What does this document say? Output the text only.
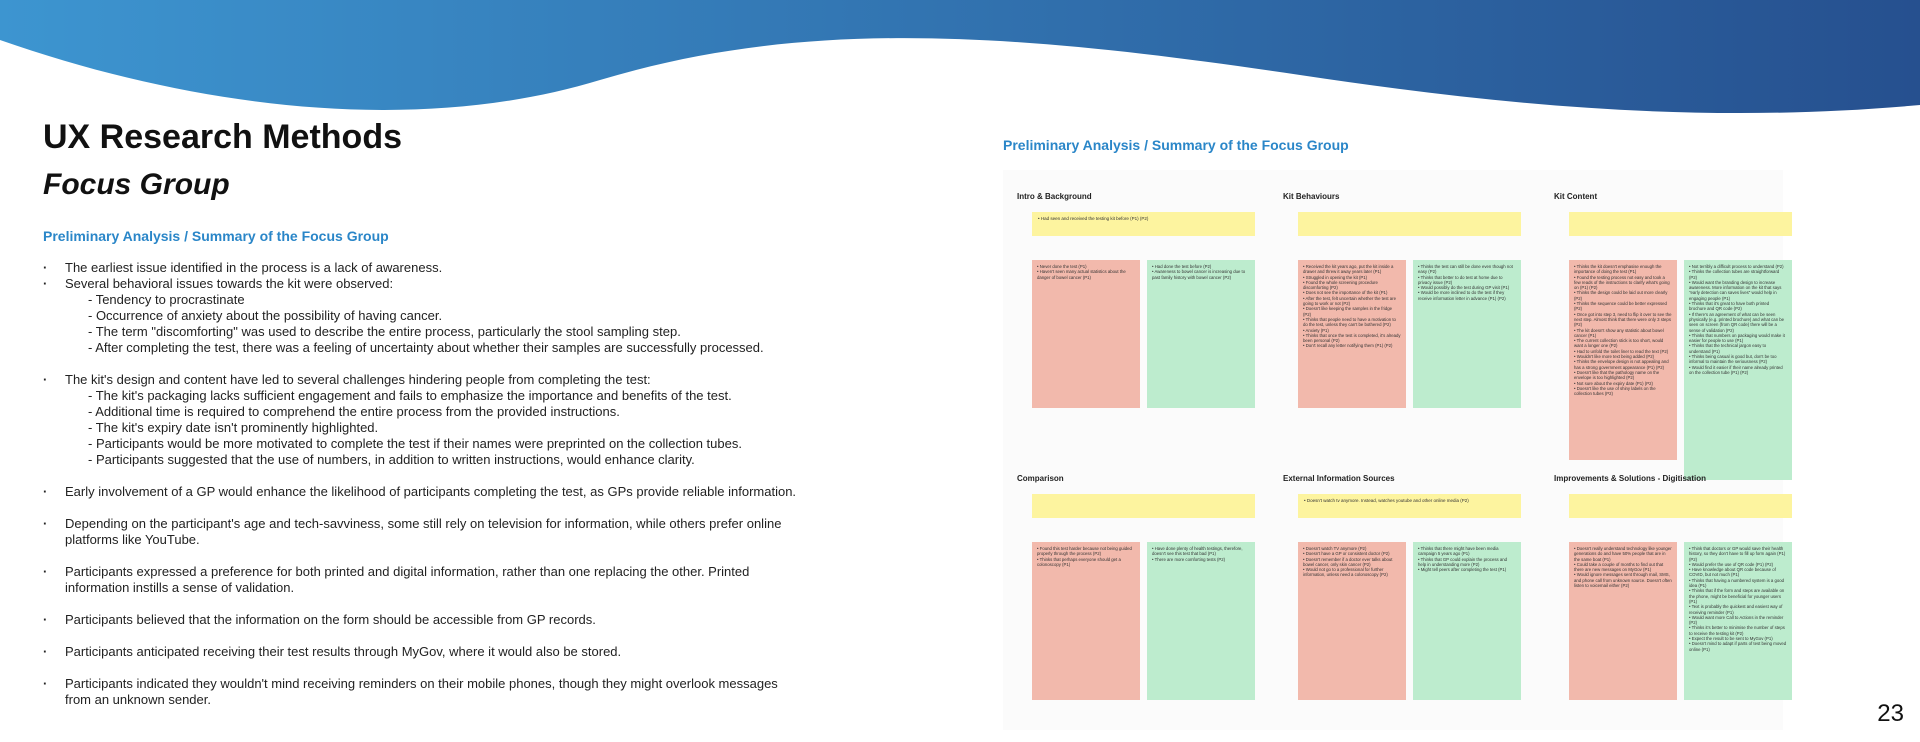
UX Research Methods
Focus Group
Preliminary Analysis / Summary of the Focus Group

· The earliest issue identified in the process is a lack of awareness.

· Several behavioral issues towards the kit were observed:

- Tendency to procrastinate

- Occurrence of anxiety about the possibility of having cancer.

- The term "discomforting" was used to describe the entire process, particularly the stool sampling step.

- After completing the test, there was a feeling of uncertainty about whether their samples are successfully processed.

· The kit's design and content have led to several challenges hindering people from completing the test:

- The kit's packaging lacks sufficient engagement and fails to emphasize the importance and benefits of the test.

- Additional time is required to comprehend the entire process from the provided instructions.

- The kit's expiry date isn't prominently highlighted.

- Participants would be more motivated to complete the test if their names were preprinted on the collection tubes.

- Participants suggested that the use of numbers, in addition to written instructions, would enhance clarity.

· Early involvement of a GP would enhance the likelihood of participants completing the test, as GPs provide reliable information.

· Depending on the participant's age and tech-savviness, some still rely on television for information, while others prefer online
platforms like YouTube.

· Participants expressed a preference for both printed and digital information, rather than one replacing the other. Printed
information instills a sense of validation.

· Participants believed that the information on the form should be accessible from GP records.

· Participants anticipated receiving their test results through MyGov, where it would also be stored.

· Participants indicated they wouldn't mind receiving reminders on their mobile phones, though they might overlook messages
from an unknown sender.

Preliminary Analysis / Summary of the Focus Group
Intro & Background

• Had seen and received the testing kit before (P1) (P2)

• Never done the test (P1)

• Haven't seen many actual statistics about the danger of bowel cancer (P1)

• Had done the test before (P2)

• Awareness to bowel cancer is increasing due to past family history with bowel cancer (P2)

Kit Behaviours

• Received the kit years ago, put the kit inside a drawer and threw it away years later (P1)

• Struggled in opening the kit (P1)

• Found the whole screening procedure discomforting (P2)

• Does not see the importance of the kit (P1)

• After the test, felt uncertain whether the test are going to work or not (P2)

• Doesn't like keeping the samples in the fridge (P2)

• Thinks that people need to have a motivation to do the test, unless they can't be bothered (P2)

• Anxiety (P1)

• Thinks that once the test is completed, it's already been personal (P2)

• Don't recall any letter notifying them (P1) (P2)

• Thinks the test can still be done even though not easy (P2)

• Thinks that better to do test at home due to privacy issue (P2)

• Would possibly do the test during GP visit (P1)

• Would be more inclined to do the test if they receive information letter in advance (P1) (P2)

Kit Content

• Thinks the kit doesn't emphasise enough the importance of doing the test (P1)

• Found the testing process not easy and took a few reads of the instructions to clarify what's going on (P1) (P2)

• Thinks the design could be laid out more clearly (P2)

• Thinks the sequence could be better expressed (P2)

• Once got into step 3, need to flip it over to see the next step. Almost think that there were only 3 steps (P2)

• The kit doesn't show any statistic about bowel cancer (P1)

• The current collection stick is too short, would want a longer one (P2)

• Had to unfold the toilet liner to read the text (P2)

• Wouldn't like more text being added (P2)

• Thinks the envelope design is not appealing and has a strong government appearance (P1) (P2)

• Doesn't like that the pathology name on the envelope is too highlighted (P2)

• Not sure about the expiry date (P1) (P2)

• Doesn't like the use of shiny labels on the collection tubes (P2)

• Not terribly a difficult process to understand (P2)

• Thinks the collection tubes are straightforward (P2)

• Would want the branding design to increase awareness. More information on the kit that says "early detection can saves lives" would help in engaging people (P1)

• Thinks that it's great to have both printed brochure and QR code (P2)

• If there's an agreement of what can be seen physically (e.g. printed brochure) and what can be seen on screen (from QR code) there will be a sense of validation (P2)

• Thinks that numbers on packaging would make it easier for people to use (P1)

• Thinks that the technical jargon easy to understand (P1)

• Thinks being casual is good but, don't be too informal to maintain the seriousness (P2)

• Would find it easier if their name already printed on the collection tube (P1) (P2)

Comparison

• Found this test harder because not being guided properly through the process (P2)

• Thinks that perhaps everyone should get a colonoscopy (P1)

• Have done plenty of health testings, therefore, doesn't see this test that bad (P1)

• There are more comforting tests (P2)

External Information Sources

• Doesn't watch tv anymore. Instead, watches youtube and other online media (P2)

• Doesn't watch TV anymore (P2)

• Doesn't have a GP or consistent doctor (P2)

• Doesn't remember if a doctor ever talks about bowel cancer, only skin cancer (P2)

• Would not go to a professional for further information, unless need a colonoscopy (P2)

• Thinks that there might have been media campaign 5 years ago (P1)

• Thinks that GP could explain the process and help in understanding more (P2)

• Might tell peers after completing the test (P1)

Improvements & Solutions - Digitisation

• Doesn't really understand technology like younger generations do and have 50% people that are in the same boat (P1)

• Could take a couple of months to find out that there are new messages on MyGov (P1)

• Would ignore messages sent through mail, SMS, and phone call from unknown source. Doesn't often listen to voicemail either (P2)

• Think that doctors or GP would save their health history, so they don't have to fill up form again (P1) (P2)

• Would prefer the use of QR code (P1) (P2)

• Have knowledge about QR code because of COVID, but not much (P1)

• Thinks that having a numbered system is a good idea (P1)

• Thinks that if the form and steps are available on the phone, might be beneficial for younger users (P1)

• Text is probably the quickest and easiest way of receiving reminder (P1)

• Would want more Call to Actions in the reminder (P2)

• Thinks it's better to minimise the number of steps to receive the testing kit (P2)

• Expect the result to be sent to MyGov (P1)

• Doesn't mind to adapt if parts of test being moved online (P1)

23
